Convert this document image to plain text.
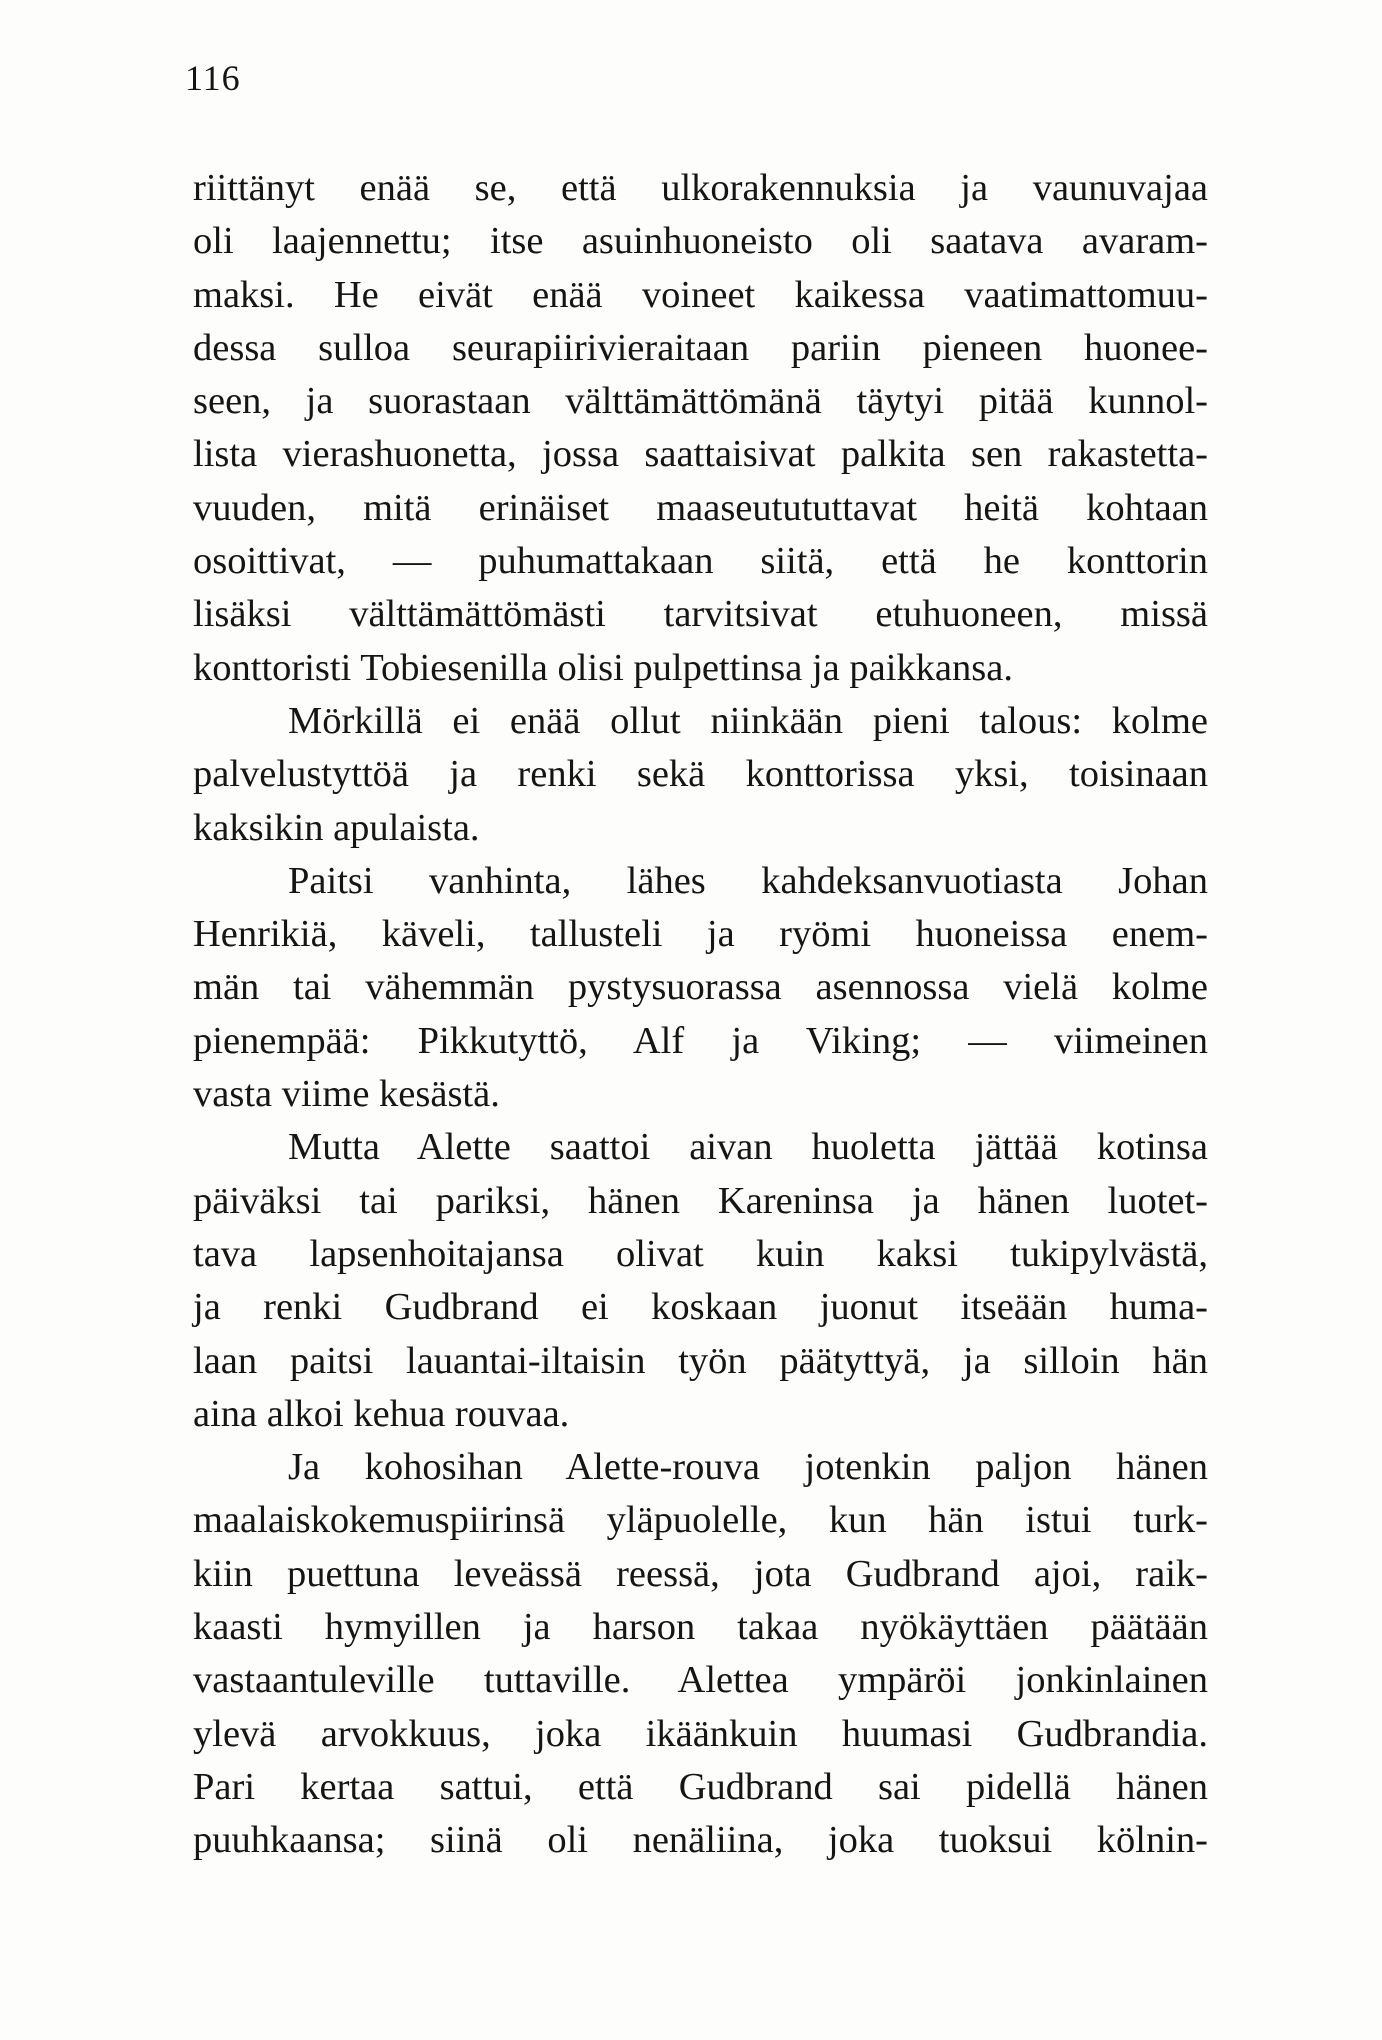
116
riittänyt enää se, että ulkorakennuksia ja vaunuvajaa
oli laajennettu; itse asuinhuoneisto oli saatava avaram-
maksi. He eivät enää voineet kaikessa vaatimattomuu-
dessa sulloa seurapiirivieraitaan pariin pieneen huonee-
seen, ja suorastaan välttämättömänä täytyi pitää kunnol-
lista vierashuonetta, jossa saattaisivat palkita sen rakastetta-
vuuden, mitä erinäiset maaseutututtavat heitä kohtaan
osoittivat, — puhumattakaan siitä, että he konttorin
lisäksi välttämättömästi tarvitsivat etuhuoneen, missä
konttoristi Tobiesenilla olisi pulpettinsa ja paikkansa.
Mörkillä ei enää ollut niinkään pieni talous: kolme
palvelustyttöä ja renki sekä konttorissa yksi, toisinaan
kaksikin apulaista.
Paitsi vanhinta, lähes kahdeksanvuotiasta Johan
Henrikiä, käveli, tallusteli ja ryömi huoneissa enem-
män tai vähemmän pystysuorassa asennossa vielä kolme
pienempää: Pikkutyttö, Alf ja Viking; — viimeinen
vasta viime kesästä.
Mutta Alette saattoi aivan huoletta jättää kotinsa
päiväksi tai pariksi, hänen Kareninsa ja hänen luotet-
tava lapsenhoitajansa olivat kuin kaksi tukipylvästä,
ja renki Gudbrand ei koskaan juonut itseään huma-
laan paitsi lauantai-iltaisin työn päätyttyä, ja silloin hän
aina alkoi kehua rouvaa.
Ja kohosihan Alette-rouva jotenkin paljon hänen
maalaiskokemuspiirinsä yläpuolelle, kun hän istui turk-
kiin puettuna leveässä reessä, jota Gudbrand ajoi, raik-
kaasti hymyillen ja harson takaa nyökäyttäen päätään
vastaantuleville tuttaville. Alettea ympäröi jonkinlainen
ylevä arvokkuus, joka ikäänkuin huumasi Gudbrandia.
Pari kertaa sattui, että Gudbrand sai pidellä hänen
puuhkaansa; siinä oli nenäliina, joka tuoksui kölnin-
